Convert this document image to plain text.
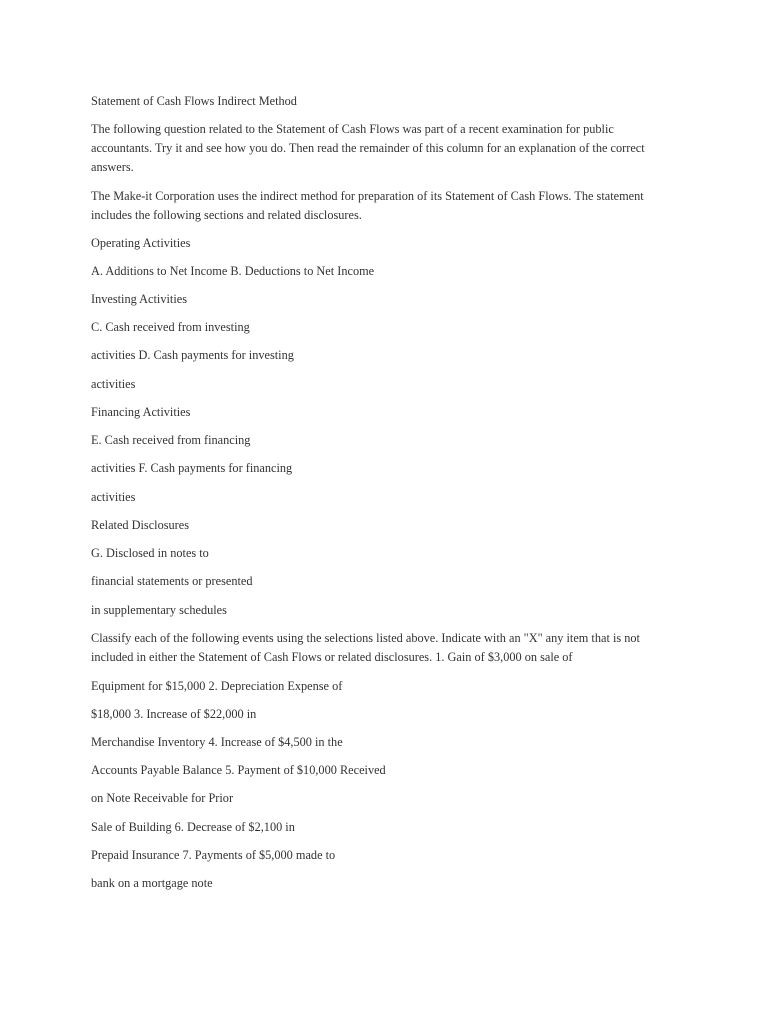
Statement of Cash Flows Indirect Method

The following question related to the Statement of Cash Flows was part of a recent examination for public accountants. Try it and see how you do. Then read the remainder of this column for an explanation of the correct answers.

The Make-it Corporation uses the indirect method for preparation of its Statement of Cash Flows. The statement includes the following sections and related disclosures.

Operating Activities

A. Additions to Net Income B. Deductions to Net Income

Investing Activities

C. Cash received from investing

activities D. Cash payments for investing

activities

Financing Activities

E. Cash received from financing

activities F. Cash payments for financing

activities

Related Disclosures

G. Disclosed in notes to

financial statements or presented

in supplementary schedules

Classify each of the following events using the selections listed above. Indicate with an "X" any item that is not included in either the Statement of Cash Flows or related disclosures. 1. Gain of $3,000 on sale of

Equipment for $15,000 2. Depreciation Expense of

$18,000 3. Increase of $22,000 in

Merchandise Inventory 4. Increase of $4,500 in the

Accounts Payable Balance 5. Payment of $10,000 Received

on Note Receivable for Prior

Sale of Building 6. Decrease of $2,100 in

Prepaid Insurance 7. Payments of $5,000 made to

bank on a mortgage note
